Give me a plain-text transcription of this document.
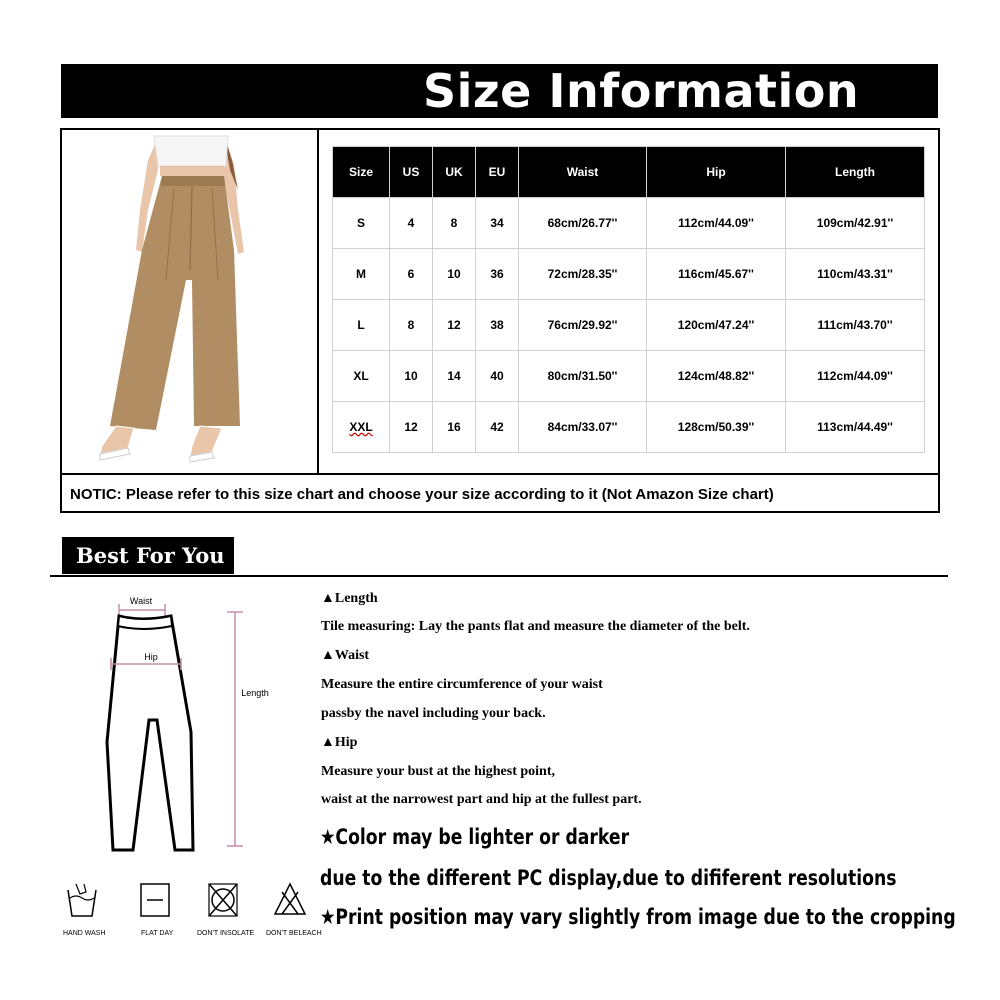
Size Information
NOTIC: Please refer to this size chart and choose your size according to it (Not Amazon Size chart)
Size	US	UK	EU	Waist	Hip	Length
S	4	8	34	68cm/26.77''	112cm/44.09''	109cm/42.91''
M	6	10	36	72cm/28.35''	116cm/45.67''	110cm/43.31''
L	8	12	38	76cm/29.92''	120cm/47.24''	111cm/43.70''
XL	10	14	40	80cm/31.50''	124cm/48.82''	112cm/44.09''
XXL	12	16	42	84cm/33.07''	128cm/50.39''	113cm/44.49''
Best For You
Waist
Hip
Length
HAND WASH	FLAT DAY	DON'T INSOLATE DON'T BELEACH
▲Length
Tile measuring: Lay the pants flat and measure the diameter of the belt.
▲Waist
Measure the entire circumference of your waist
passby the navel including your back.
▲Hip
Measure your bust at the highest point,
waist at the narrowest part and hip at the fullest part.
★Color may be lighter or darker
due to the different PC display,due to dififerent resolutions
★Print position may vary slightly from image due to the cropping
